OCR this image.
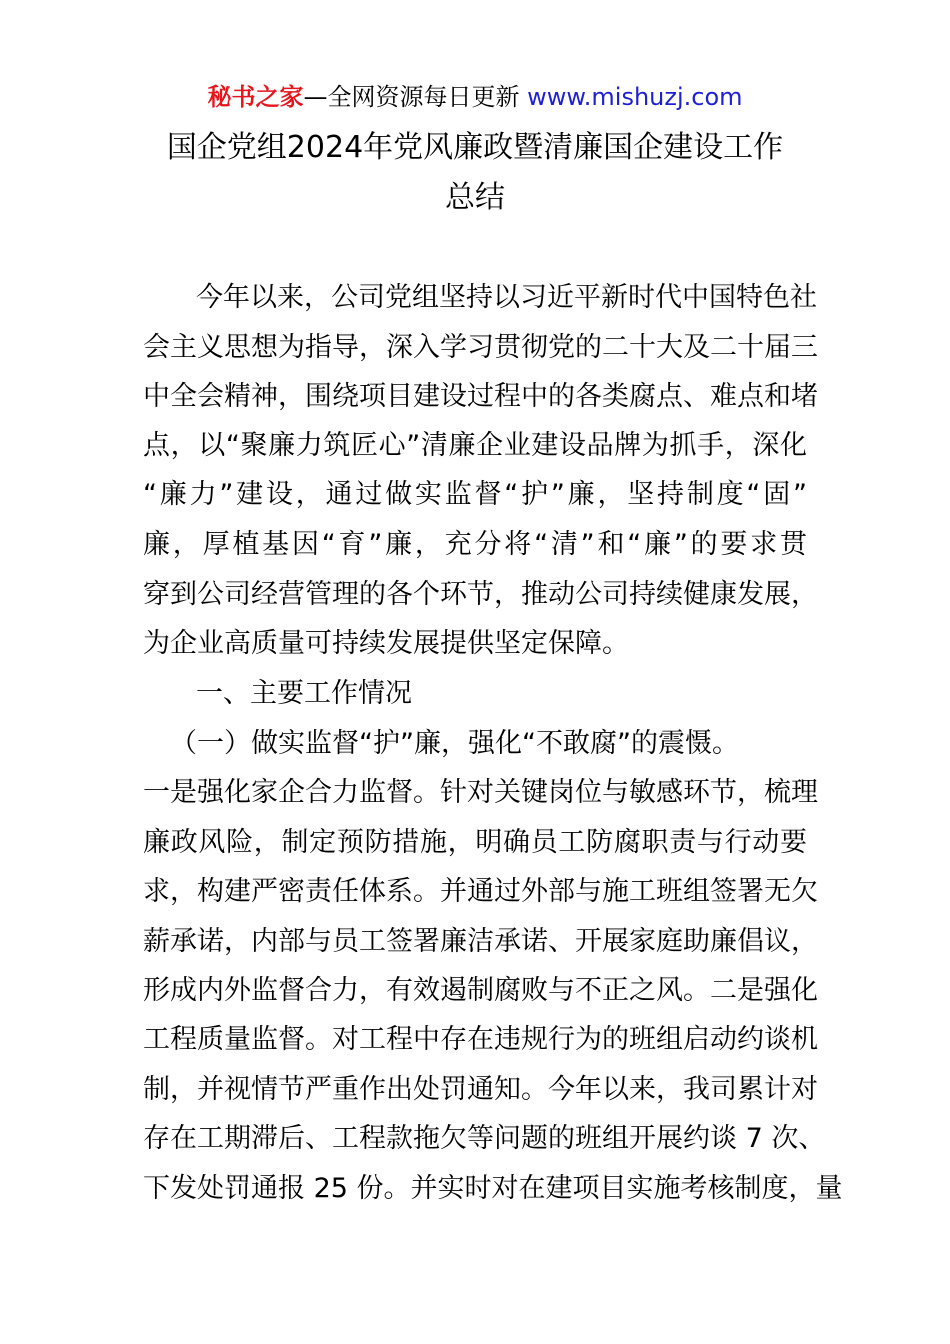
秘书之家—全网资源每日更新 www.mishuzj.com
国企党组2024年党风廉政暨清廉国企建设工作
总结
今年以来，公司党组坚持以习近平新时代中国特色社
会主义思想为指导，深入学习贯彻党的二十大及二十届三
中全会精神，围绕项目建设过程中的各类腐点、难点和堵
点，以“聚廉力筑匠心”清廉企业建设品牌为抓手，深化
“廉力”建设，通过做实监督“护”廉，坚持制度“固”
廉，厚植基因“育”廉，充分将“清”和“廉”的要求贯
穿到公司经营管理的各个环节，推动公司持续健康发展，
为企业高质量可持续发展提供坚定保障。
一、主要工作情况
（一）做实监督“护”廉，强化“不敢腐”的震慑。
一是强化家企合力监督。针对关键岗位与敏感环节，梳理
廉政风险，制定预防措施，明确员工防腐职责与行动要
求，构建严密责任体系。并通过外部与施工班组签署无欠
薪承诺，内部与员工签署廉洁承诺、开展家庭助廉倡议，
形成内外监督合力，有效遏制腐败与不正之风。二是强化
工程质量监督。对工程中存在违规行为的班组启动约谈机
制，并视情节严重作出处罚通知。今年以来，我司累计对
存在工期滞后、工程款拖欠等问题的班组开展约谈 7 次、
下发处罚通报 25 份。并实时对在建项目实施考核制度，量
